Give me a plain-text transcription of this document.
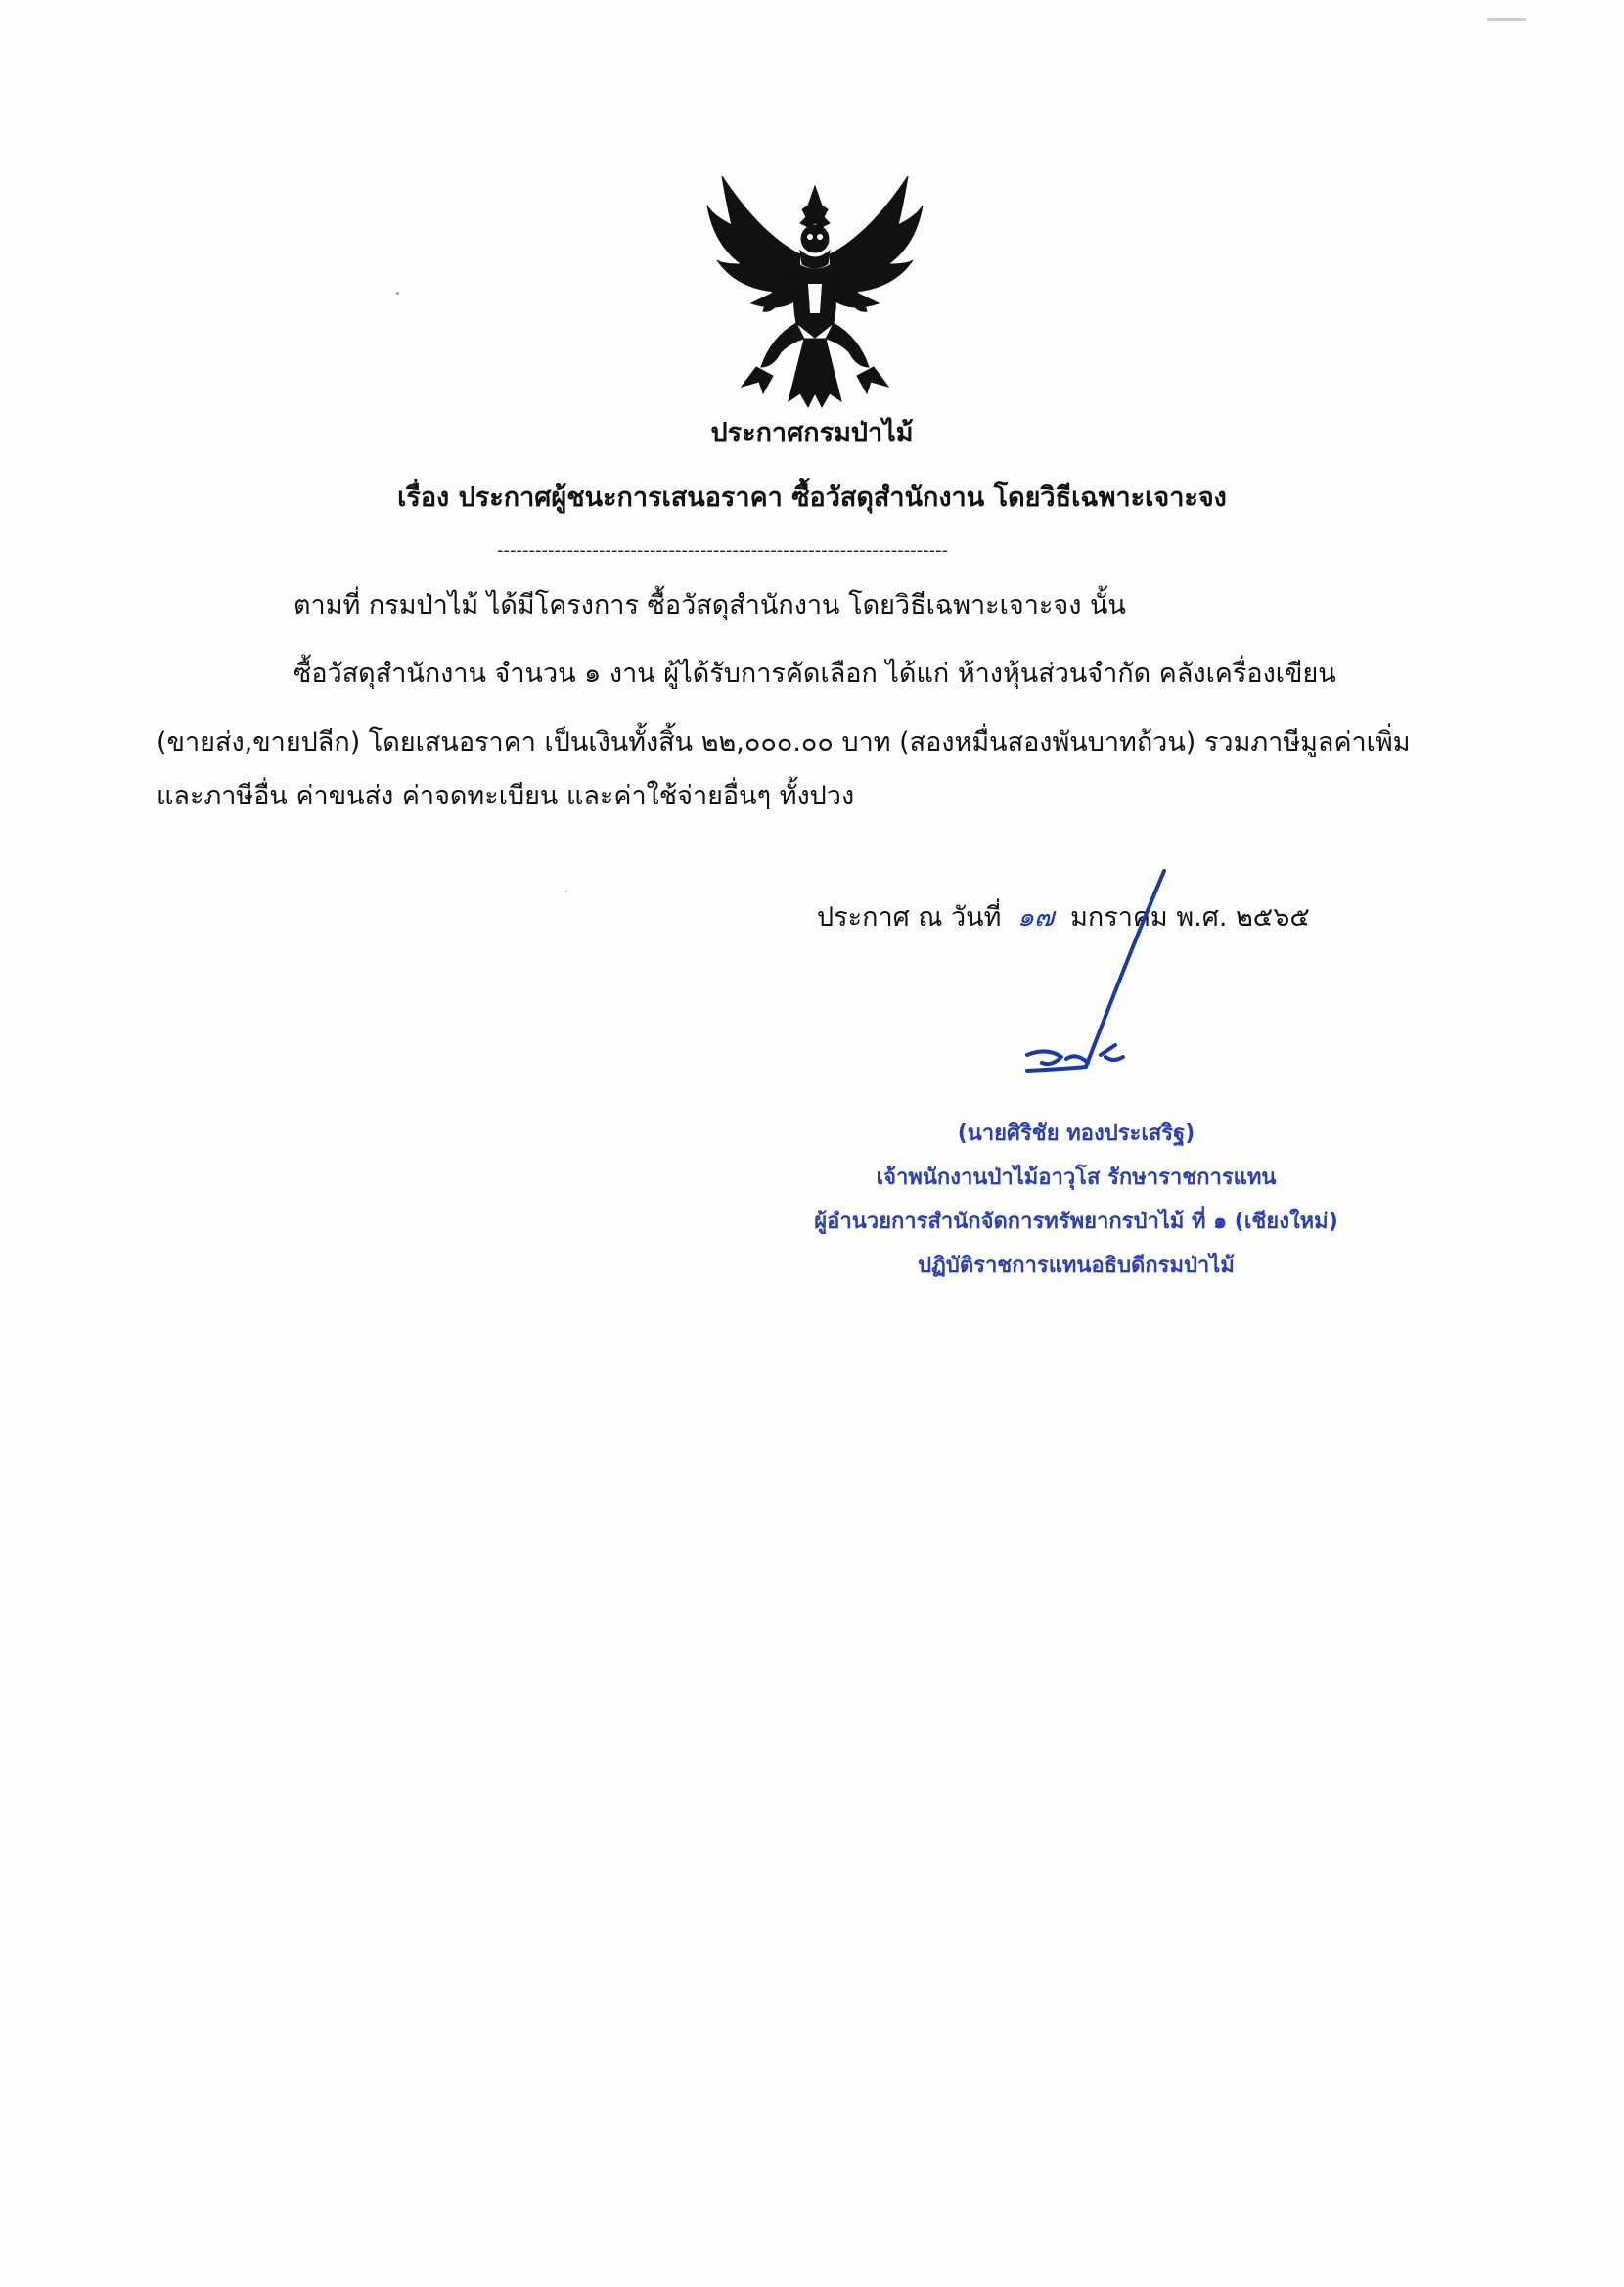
ประกาศกรมป่าไม้
เรื่อง ประกาศผู้ชนะการเสนอราคา ซื้อวัสดุสำนักงาน โดยวิธีเฉพาะเจาะจง
-----------------------------------------------------------------------
ตามที่ กรมป่าไม้ ได้มีโครงการ ซื้อวัสดุสำนักงาน โดยวิธีเฉพาะเจาะจง นั้น
ซื้อวัสดุสำนักงาน จำนวน ๑ งาน ผู้ได้รับการคัดเลือก ได้แก่ ห้างหุ้นส่วนจำกัด คลังเครื่องเขียน
(ขายส่ง,ขายปลีก) โดยเสนอราคา เป็นเงินทั้งสิ้น ๒๒,๐๐๐.๐๐ บาท (สองหมื่นสองพันบาทถ้วน) รวมภาษีมูลค่าเพิ่ม
และภาษีอื่น ค่าขนส่ง ค่าจดทะเบียน และค่าใช้จ่ายอื่นๆ ทั้งปวง
ประกาศ ณ วันที่ ๑๗ มกราคม พ.ศ. ๒๕๖๕
(นายศิริชัย ทองประเสริฐ)
เจ้าพนักงานป่าไม้อาวุโส รักษาราชการแทน
ผู้อำนวยการสำนักจัดการทรัพยากรป่าไม้ ที่ ๑ (เชียงใหม่)
ปฏิบัติราชการแทนอธิบดีกรมป่าไม้
